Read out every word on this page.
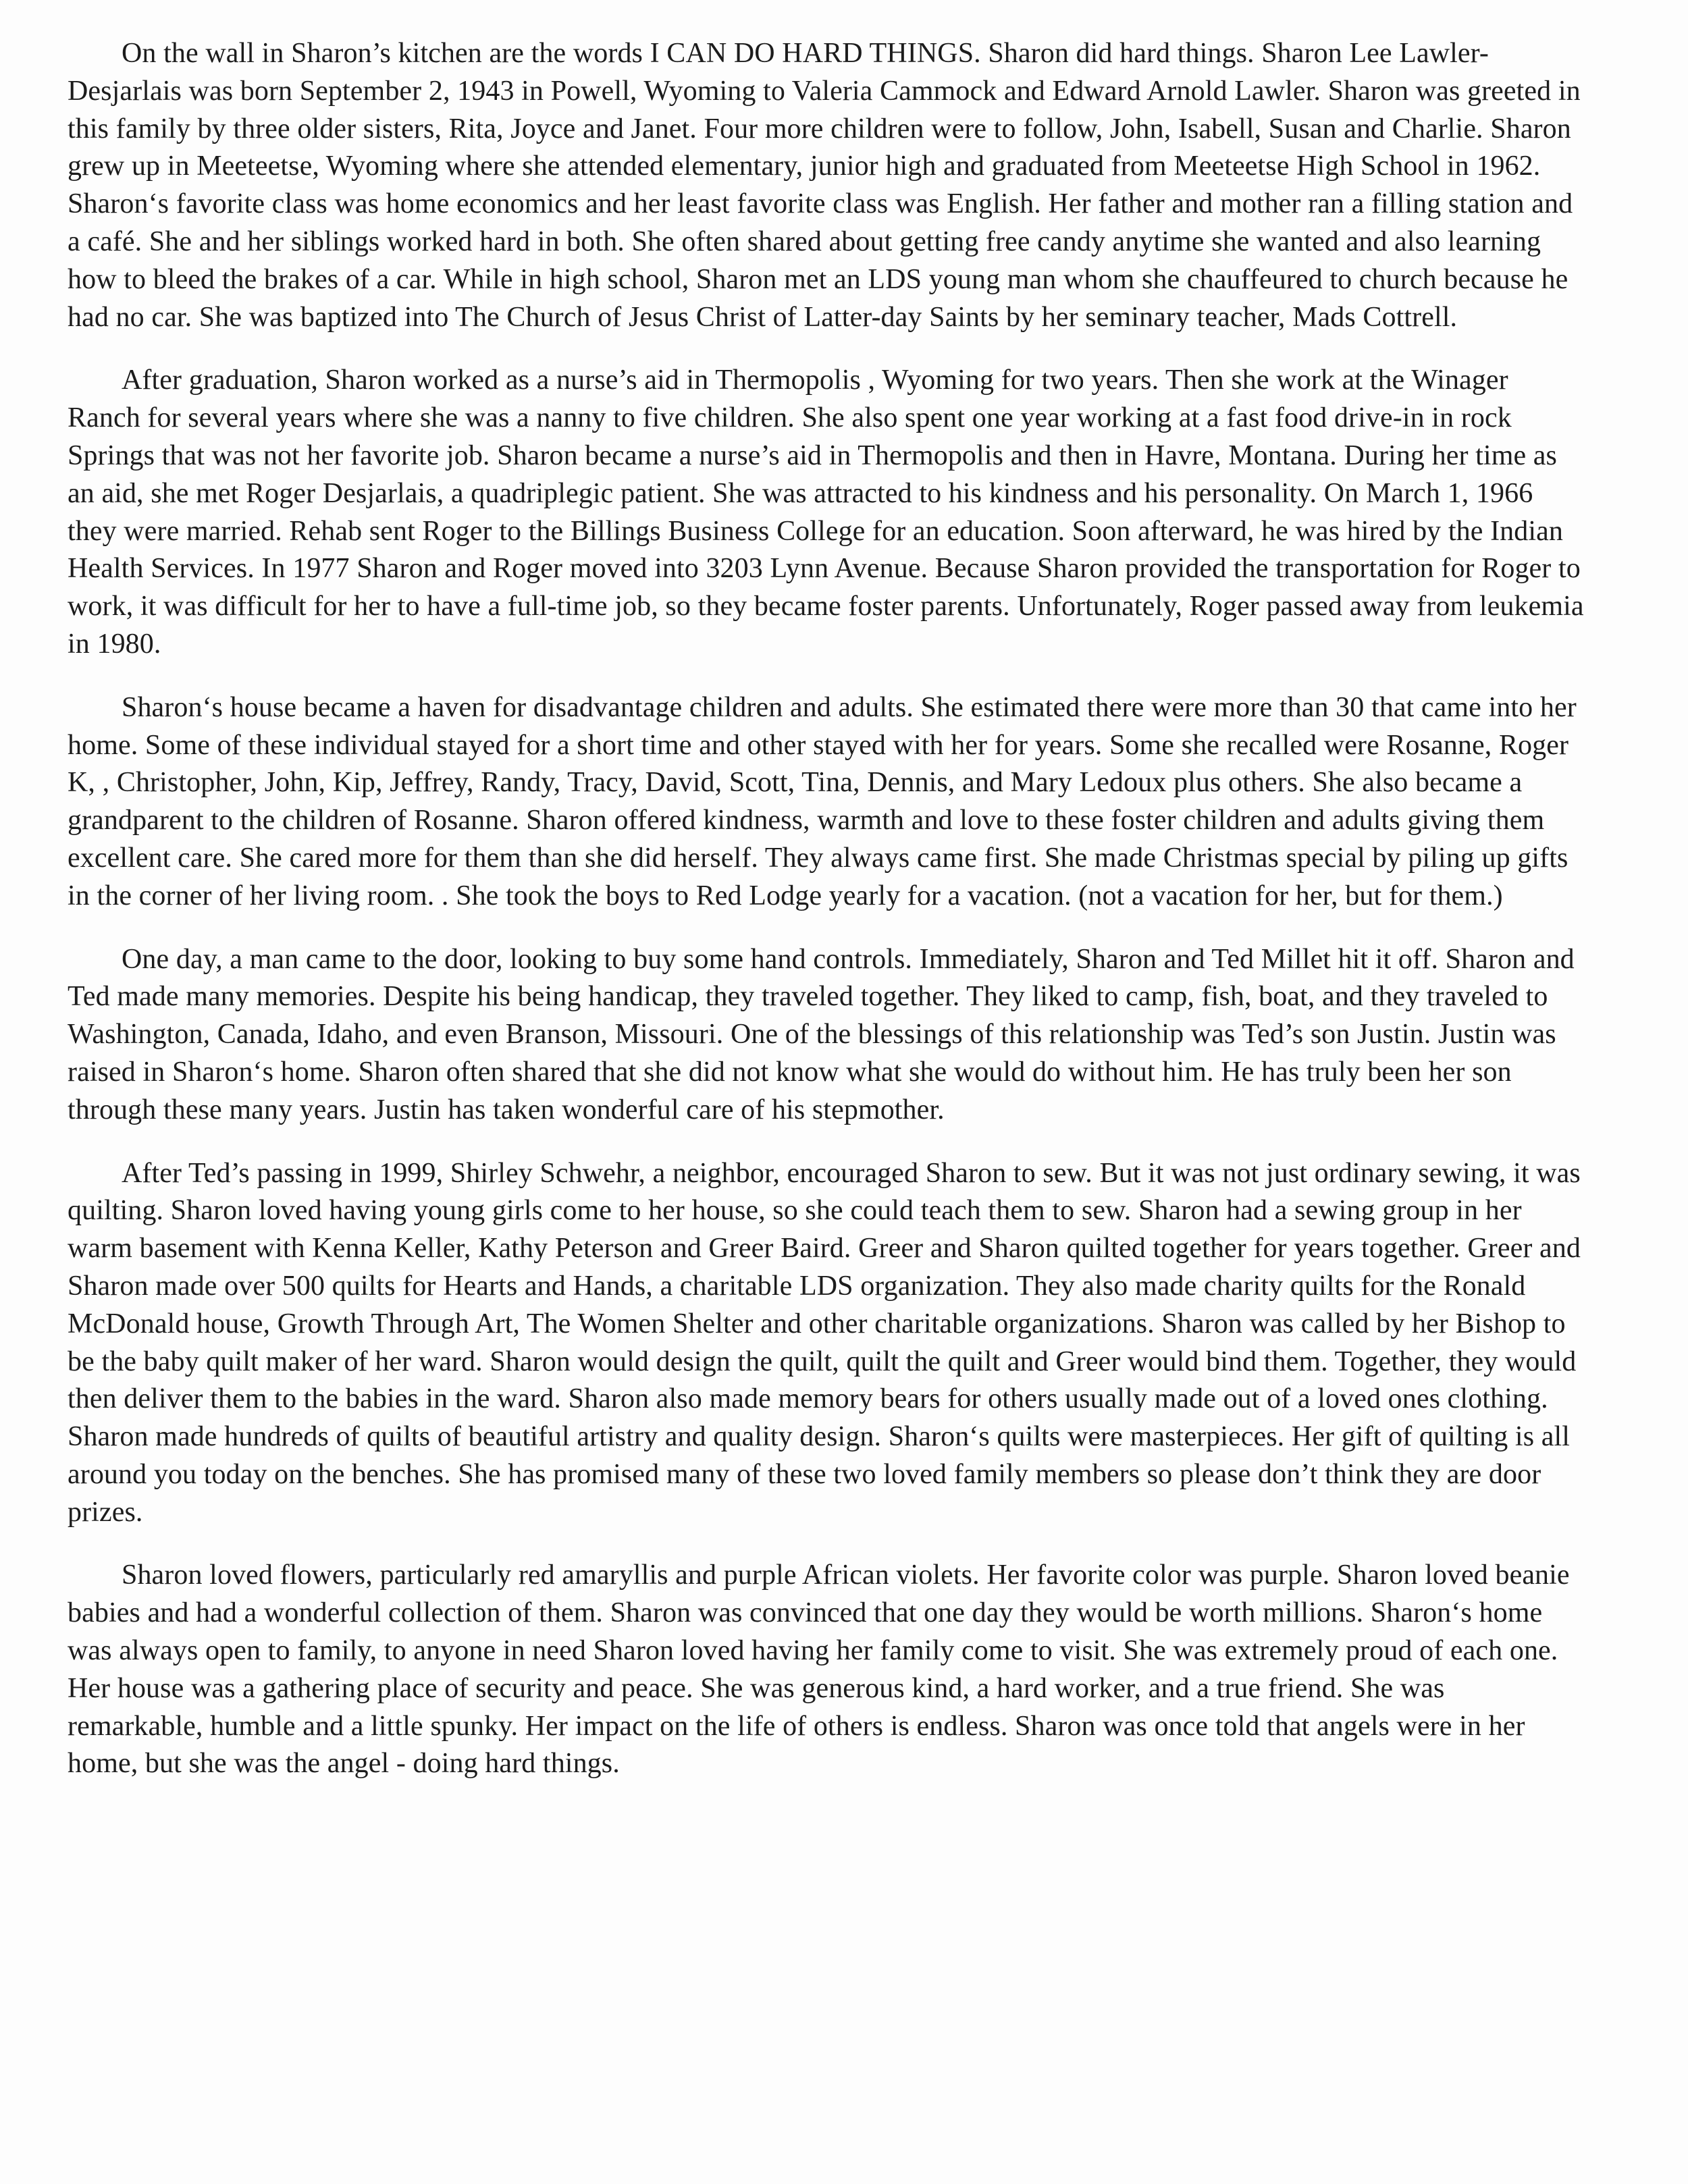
On the wall in Sharon’s kitchen are the words I CAN DO HARD THINGS. Sharon did hard things. Sharon Lee Lawler-Desjarlais was born September 2, 1943 in Powell, Wyoming to Valeria Cammock and Edward Arnold Lawler. Sharon was greeted in this family by three older sisters, Rita, Joyce and Janet. Four more children were to follow, John, Isabell, Susan and Charlie. Sharon grew up in Meeteetse, Wyoming where she attended elementary, junior high and graduated from Meeteetse High School in 1962. Sharon‘s favorite class was home economics and her least favorite class was English. Her father and mother ran a filling station and a café. She and her siblings worked hard in both. She often shared about getting free candy anytime she wanted and also learning how to bleed the brakes of a car. While in high school, Sharon met an LDS young man whom she chauffeured to church because he had no car. She was baptized into The Church of Jesus Christ of Latter-day Saints by her seminary teacher, Mads Cottrell.

After graduation, Sharon worked as a nurse’s aid in Thermopolis , Wyoming for two years. Then she work at the Winager Ranch for several years where she was a nanny to five children. She also spent one year working at a fast food drive-in in rock Springs that was not her favorite job. Sharon became a nurse’s aid in Thermopolis and then in Havre, Montana. During her time as an aid, she met Roger Desjarlais, a quadriplegic patient. She was attracted to his kindness and his personality. On March 1, 1966 they were married. Rehab sent Roger to the Billings Business College for an education. Soon afterward, he was hired by the Indian Health Services. In 1977 Sharon and Roger moved into 3203 Lynn Avenue. Because Sharon provided the transportation for Roger to work, it was difficult for her to have a full-time job, so they became foster parents. Unfortunately, Roger passed away from leukemia in 1980.

Sharon‘s house became a haven for disadvantage children and adults. She estimated there were more than 30 that came into her home. Some of these individual stayed for a short time and other stayed with her for years. Some she recalled were Rosanne, Roger K, , Christopher, John, Kip, Jeffrey, Randy, Tracy, David, Scott, Tina, Dennis, and Mary Ledoux plus others. She also became a grandparent to the children of Rosanne. Sharon offered kindness, warmth and love to these foster children and adults giving them excellent care. She cared more for them than she did herself. They always came first. She made Christmas special by piling up gifts in the corner of her living room. . She took the boys to Red Lodge yearly for a vacation. (not a vacation for her, but for them.)

One day, a man came to the door, looking to buy some hand controls. Immediately, Sharon and Ted Millet hit it off. Sharon and Ted made many memories. Despite his being handicap, they traveled together. They liked to camp, fish, boat, and they traveled to Washington, Canada, Idaho, and even Branson, Missouri. One of the blessings of this relationship was Ted’s son Justin. Justin was raised in Sharon‘s home. Sharon often shared that she did not know what she would do without him. He has truly been her son through these many years. Justin has taken wonderful care of his stepmother.

After Ted’s passing in 1999, Shirley Schwehr, a neighbor, encouraged Sharon to sew. But it was not just ordinary sewing, it was quilting. Sharon loved having young girls come to her house, so she could teach them to sew. Sharon had a sewing group in her warm basement with Kenna Keller, Kathy Peterson and Greer Baird. Greer and Sharon quilted together for years together. Greer and Sharon made over 500 quilts for Hearts and Hands, a charitable LDS organization. They also made charity quilts for the Ronald McDonald house, Growth Through Art, The Women Shelter and other charitable organizations. Sharon was called by her Bishop to be the baby quilt maker of her ward. Sharon would design the quilt, quilt the quilt and Greer would bind them. Together, they would then deliver them to the babies in the ward. Sharon also made memory bears for others usually made out of a loved ones clothing. Sharon made hundreds of quilts of beautiful artistry and quality design. Sharon‘s quilts were masterpieces. Her gift of quilting is all around you today on the benches. She has promised many of these two loved family members so please don’t think they are door prizes.

Sharon loved flowers, particularly red amaryllis and purple African violets. Her favorite color was purple. Sharon loved beanie babies and had a wonderful collection of them. Sharon was convinced that one day they would be worth millions. Sharon‘s home was always open to family, to anyone in need Sharon loved having her family come to visit. She was extremely proud of each one. Her house was a gathering place of security and peace. She was generous kind, a hard worker, and a true friend. She was remarkable, humble and a little spunky. Her impact on the life of others is endless. Sharon was once told that angels were in her home, but she was the angel - doing hard things.
